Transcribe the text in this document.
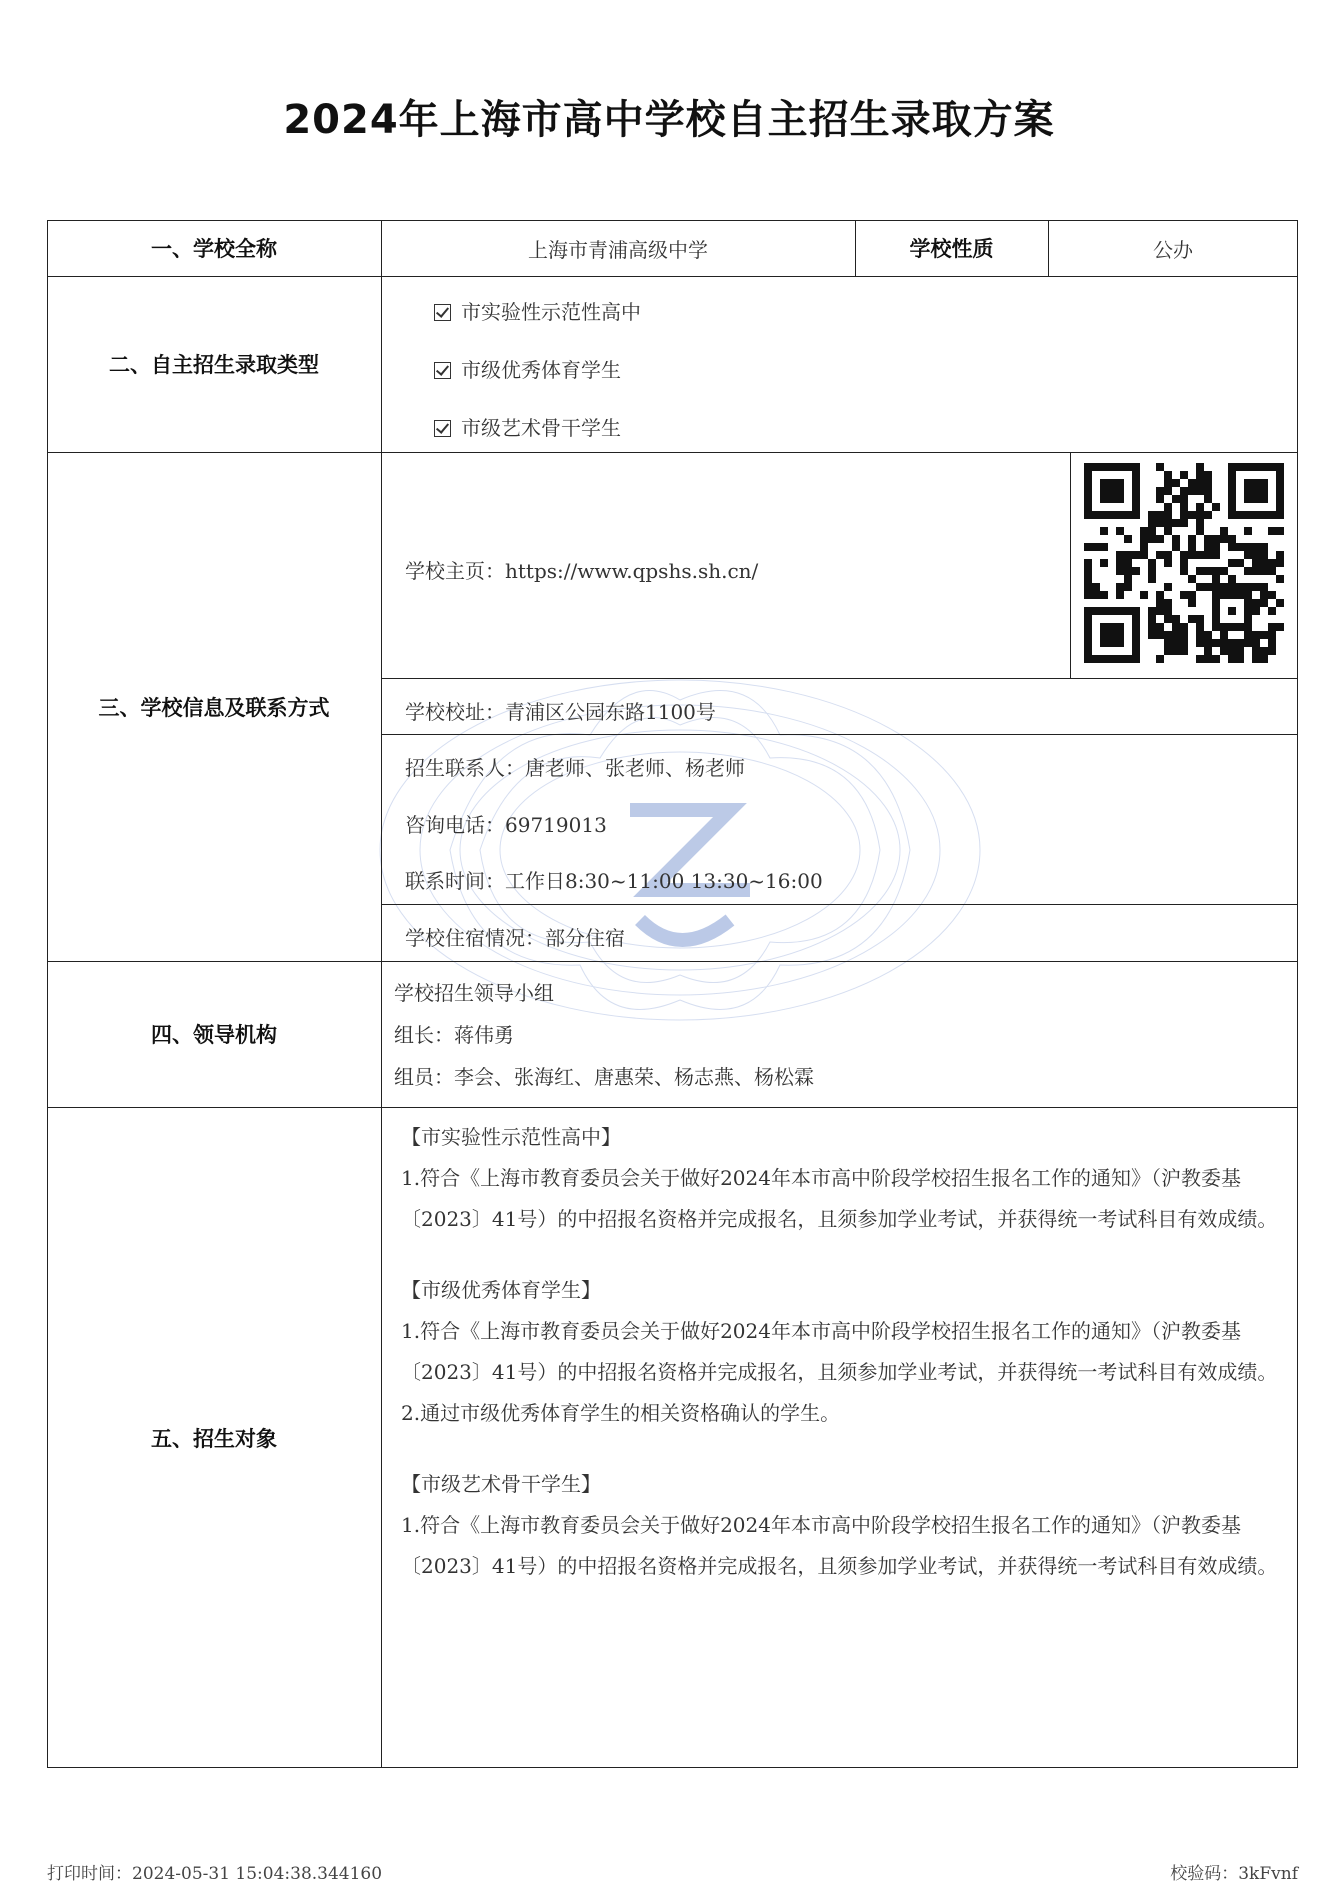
2024年上海市高中学校自主招生录取方案
一、学校全称	上海市青浦高级中学	学校性质	公办
二、自主招生录取类型
市实验性示范性高中
市级优秀体育学生
市级艺术骨干学生
三、学校信息及联系方式
学校主页：https://www.qpshs.sh.cn/
学校校址：青浦区公园东路1100号
招生联系人：唐老师、张老师、杨老师
咨询电话：69719013
联系时间：工作日8:30~11:00 13:30~16:00
学校住宿情况：部分住宿
四、领导机构
学校招生领导小组
组长：蒋伟勇
组员：李会、张海红、唐惠荣、杨志燕、杨松霖
五、招生对象
【市实验性示范性高中】
1.符合《上海市教育委员会关于做好2024年本市高中阶段学校招生报名工作的通知》（沪教委基〔2023〕41号）的中招报名资格并完成报名，且须参加学业考试，并获得统一考试科目有效成绩。
【市级优秀体育学生】
1.符合《上海市教育委员会关于做好2024年本市高中阶段学校招生报名工作的通知》（沪教委基〔2023〕41号）的中招报名资格并完成报名，且须参加学业考试，并获得统一考试科目有效成绩。
2.通过市级优秀体育学生的相关资格确认的学生。
【市级艺术骨干学生】
1.符合《上海市教育委员会关于做好2024年本市高中阶段学校招生报名工作的通知》（沪教委基〔2023〕41号）的中招报名资格并完成报名，且须参加学业考试，并获得统一考试科目有效成绩。
打印时间：2024-05-31 15:04:38.344160	校验码：3kFvnf
